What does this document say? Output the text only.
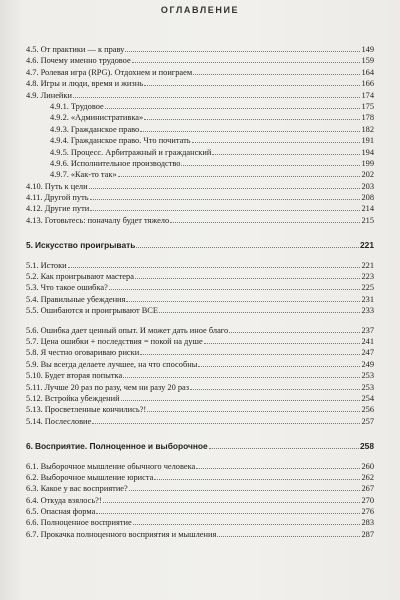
ОГЛАВЛЕНИЕ
4.5. От практики — к праву	149
4.6. Почему именно трудовое	159
4.7. Ролевая игра (RPG). Отдохнем и поиграем	164
4.8. Игры и люди, время и жизнь	166
4.9. Линейки	174
4.9.1. Трудовое	175
4.9.2. «Административка»	178
4.9.3. Гражданское право	182
4.9.4. Гражданское право. Что почитать	191
4.9.5. Процесс. Арбитражный и гражданский	194
4.9.6. Исполнительное производство	199
4.9.7. «Как-то так»	202
4.10. Путь к цели	203
4.11. Другой путь	208
4.12. Другие пути	214
4.13. Готовьтесь: поначалу будет тяжело	215
5. Искусство проигрывать	221
5.1. Истоки	221
5.2. Как проигрывают мастера	223
5.3. Что такое ошибка?	225
5.4. Правильные убеждения	231
5.5. Ошибаются и проигрывают ВСЕ	233
5.6. Ошибка дает ценный опыт. И может дать иное благо	237
5.7. Цена ошибки + последствия = покой на душе	241
5.8. Я честно оговариваю риски	247
5.9. Вы всегда делаете лучшее, на что способны	249
5.10. Будет вторая попытка	253
5.11. Лучше 20 раз по разу, чем ни разу 20 раз	253
5.12. Встройка убеждений	254
5.13. Просветленные кончились?!	256
5.14. Послесловие	257
6. Восприятие. Полноценное и выборочное	258
6.1. Выборочное мышление обычного человека	260
6.2. Выборочное мышление юриста	262
6.3. Какое у вас восприятие?	267
6.4. Откуда взялось?!	270
6.5. Опасная форма	276
6.6. Полноценное восприятие	283
6.7. Прокачка полноценного восприятия и мышления	287
